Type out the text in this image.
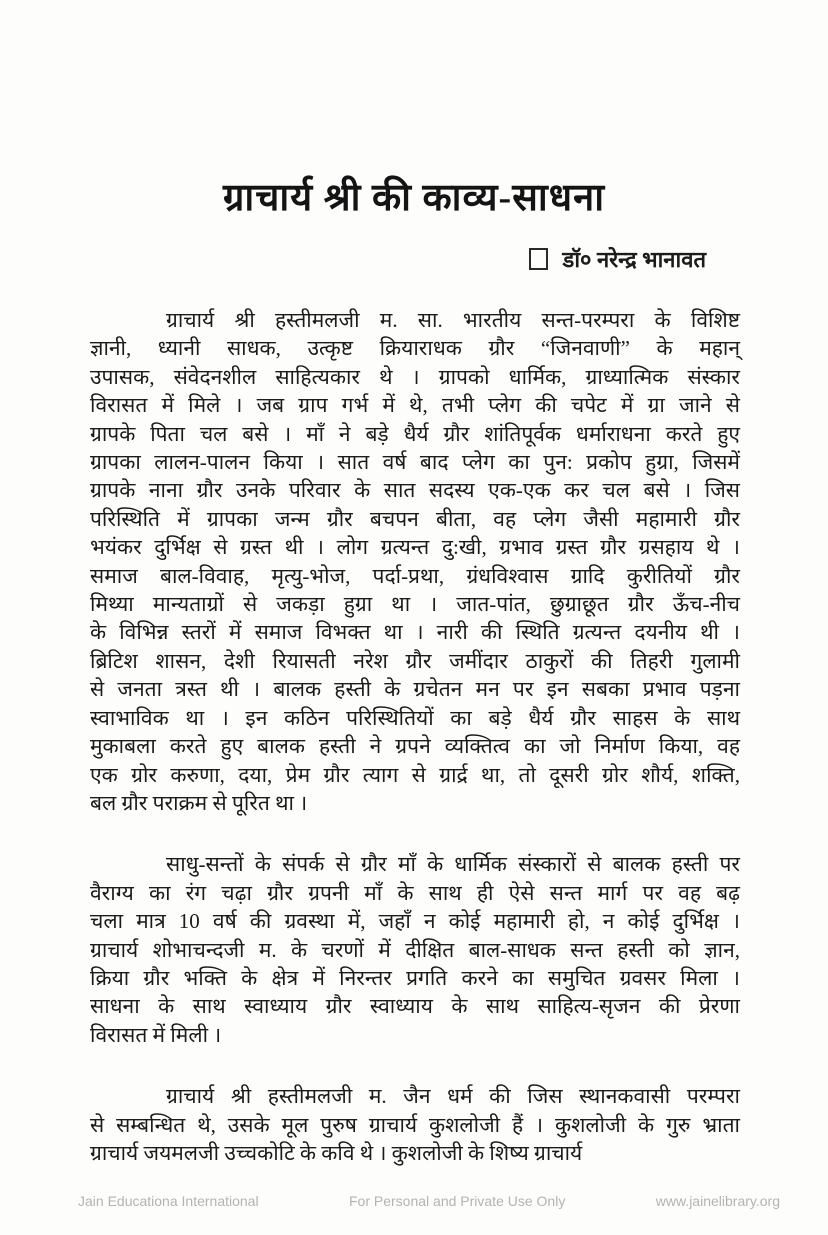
ग्राचार्य श्री की काव्य-साधना
डॉ० नरेन्द्र भानावत
ग्राचार्य श्री हस्तीमलजी म. सा. भारतीय सन्त-परम्परा के विशिष्ट
ज्ञानी, ध्यानी साधक, उत्कृष्ट क्रियाराधक ग्रौर “जिनवाणी” के महान्
उपासक, संवेदनशील साहित्यकार थे । ग्रापको धार्मिक, ग्राध्यात्मिक संस्कार
विरासत में मिले । जब ग्राप गर्भ में थे, तभी प्लेग की चपेट में ग्रा जाने से
ग्रापके पिता चल बसे । माँ ने बड़े धैर्य ग्रौर शांतिपूर्वक धर्माराधना करते हुए
ग्रापका लालन-पालन किया । सात वर्ष बाद प्लेग का पुन: प्रकोप हुग्रा, जिसमें
ग्रापके नाना ग्रौर उनके परिवार के सात सदस्य एक-एक कर चल बसे । जिस
परिस्थिति में ग्रापका जन्म ग्रौर बचपन बीता, वह प्लेग जैसी महामारी ग्रौर
भयंकर दुर्भिक्ष से ग्रस्त थी । लोग ग्रत्यन्त दु:खी, ग्रभाव ग्रस्त ग्रौर ग्रसहाय थे ।
समाज बाल-विवाह, मृत्यु-भोज, पर्दा-प्रथा, ग्रंधविश्वास ग्रादि कुरीतियों ग्रौर
मिथ्या मान्यताग्रों से जकड़ा हुग्रा था । जात-पांत, छुग्राछूत ग्रौर ऊँच-नीच
के विभिन्न स्तरों में समाज विभक्त था । नारी की स्थिति ग्रत्यन्त दयनीय थी ।
ब्रिटिश शासन, देशी रियासती नरेश ग्रौर जमींदार ठाकुरों की तिहरी गुलामी
से जनता त्रस्त थी । बालक हस्ती के ग्रचेतन मन पर इन सबका प्रभाव पड़ना
स्वाभाविक था । इन कठिन परिस्थितियों का बड़े धैर्य ग्रौर साहस के साथ
मुकाबला करते हुए बालक हस्ती ने ग्रपने व्यक्तित्व का जो निर्माण किया, वह
एक ग्रोर करुणा, दया, प्रेम ग्रौर त्याग से ग्रार्द्र था, तो दूसरी ग्रोर शौर्य, शक्ति,
बल ग्रौर पराक्रम से पूरित था ।
साधु-सन्तों के संपर्क से ग्रौर माँ के धार्मिक संस्कारों से बालक हस्ती पर
वैराग्य का रंग चढ़ा ग्रौर ग्रपनी माँ के साथ ही ऐसे सन्त मार्ग पर वह बढ़
चला मात्र 10 वर्ष की ग्रवस्था में, जहाँ न कोई महामारी हो, न कोई दुर्भिक्ष ।
ग्राचार्य शोभाचन्दजी म. के चरणों में दीक्षित बाल-साधक सन्त हस्ती को ज्ञान,
क्रिया ग्रौर भक्ति के क्षेत्र में निरन्तर प्रगति करने का समुचित ग्रवसर मिला ।
साधना के साथ स्वाध्याय ग्रौर स्वाध्याय के साथ साहित्य-सृजन की प्रेरणा
विरासत में मिली ।
ग्राचार्य श्री हस्तीमलजी म. जैन धर्म की जिस स्थानकवासी परम्परा
से सम्बन्धित थे, उसके मूल पुरुष ग्राचार्य कुशलोजी हैं । कुशलोजी के गुरु भ्राता
ग्राचार्य जयमलजी उच्चकोटि के कवि थे । कुशलोजी के शिष्य ग्राचार्य
Jain Educationa International	For Personal and Private Use Only	www.jainelibrary.org
